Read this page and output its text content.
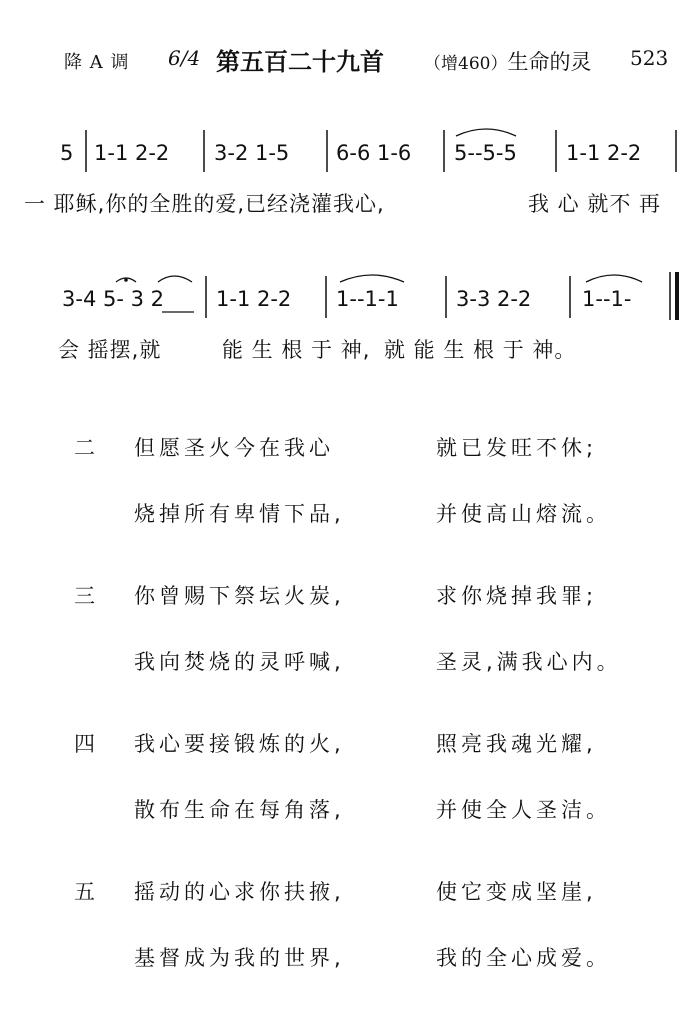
降 A 调 6/4 第五百二十九首 （增460）生命的灵 523
5 1-1 2-2 3-2 1-5 6-6 1-6 5--5-5 1-1 2-2
一 耶稣,你的全胜的爱,已经浇灌我心,	我 心 就不 再
3-4 5- 3 2 1-1 2-2 1--1-1	3-3 2-2 1--1-
会 摇摆,就	能 生 根 于 神, 就 能 生 根 于 神。
二 但愿圣火今在我心	就已发旺不休;
烧掉所有卑情下品,	并使高山熔流。
三 你曾赐下祭坛火炭,	求你烧掉我罪;
我向焚烧的灵呼喊,	圣灵,满我心内。
四 我心要接锻炼的火,	照亮我魂光耀,
散布生命在每角落,	并使全人圣洁。
五 摇动的心求你扶掖,	使它变成坚崖,
基督成为我的世界,	我的全心成爱。
